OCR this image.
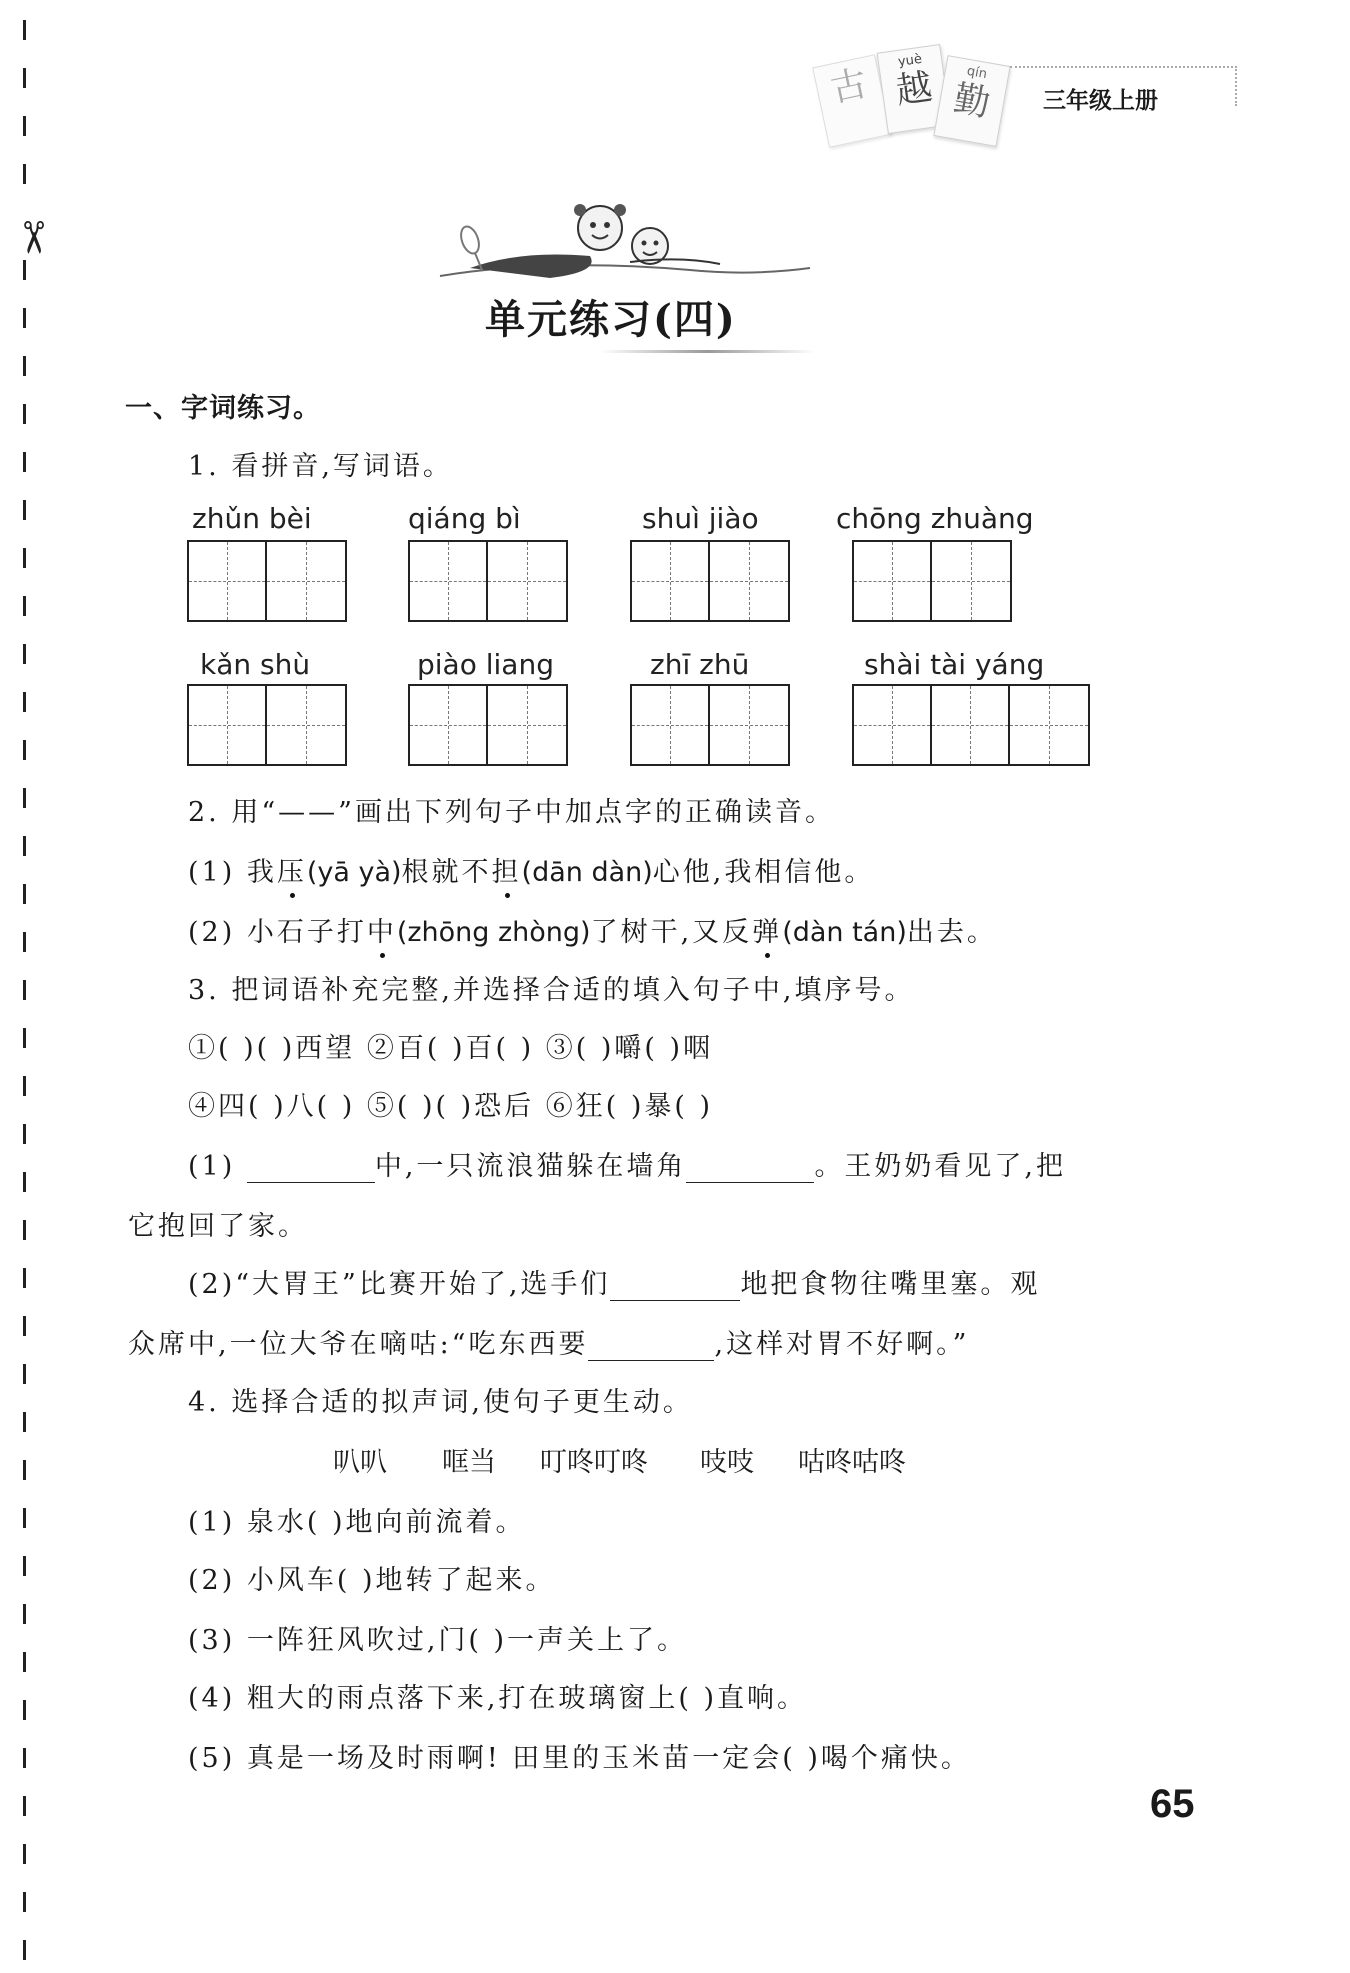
✂
古
yuè
越	qín
勤	三年级上册
单元练习(四)
一、字词练习。
1. 看拼音,写词语。
zhǔn bèi	qiáng bì	shuì jiào	chōng zhuàng
kǎn shù	piào liang	zhī zhū	shài tài yáng
2. 用“——”画出下列句子中加点字的正确读音。
(1) 我压(yā yà)根就不担(dān dàn)心他,我相信他。
(2) 小石子打中(zhōng zhòng)了树干,又反弹(dàn tán)出去。
3. 把词语补充完整,并选择合适的填入句子中,填序号。
①( )( )西望 ②百( )百( ) ③( )嚼( )咽
④四( )八( ) ⑤( )( )恐后 ⑥狂( )暴( )
(1)	中,一只流浪猫躲在墙角	。王奶奶看见了,把
它抱回了家。
(2)“大胃王”比赛开始了,选手们	地把食物往嘴里塞。观
众席中,一位大爷在嘀咕:“吃东西要	,这样对胃不好啊。”
4. 选择合适的拟声词,使句子更生动。
叭叭 哐当 叮咚叮咚 吱吱 咕咚咕咚
(1) 泉水( )地向前流着。
(2) 小风车( )地转了起来。
(3) 一阵狂风吹过,门( )一声关上了。
(4) 粗大的雨点落下来,打在玻璃窗上( )直响。
(5) 真是一场及时雨啊! 田里的玉米苗一定会( )喝个痛快。
65
